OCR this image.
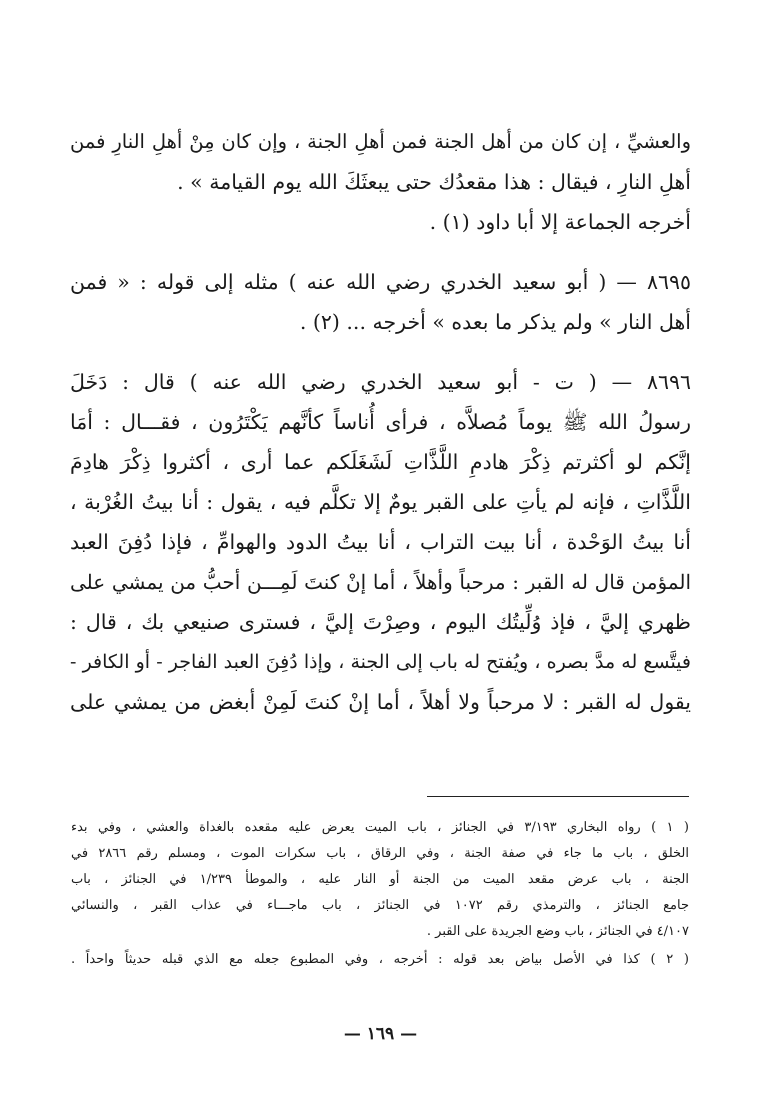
والعشيِّ ، إن كان من أهل الجنة فمن أهلِ الجنة ، وإن كان مِنْ أهلِ النارِ فمن
أهلِ النارِ ، فيقال : هذا مقعدُك حتى يبعثَكَ الله يوم القيامة » .
أخرجه الجماعة إلا أبا داود (١) .
٨٦٩٥ — ( أبو سعيد الخدري رضي الله عنه ) مثله إلى قوله : « فمن
أهل النار » ولم يذكر ما بعده » أخرجه ... (٢) .
٨٦٩٦ — ( ت - أبو سعيد الخدري رضي الله عنه ) قال : دَخَلَ
رسولُ الله ﷺ يوماً مُصلاَّه ، فرأى أُناساً كأنَّهم يَكْتَرُون ، فقـــال : أمَا
إنَّكم لو أكثرتم ذِكْرَ هادمِ اللَّذَّاتِ لَشَغَلَكم عما أرى ، أكثروا ذِكْرَ هادِمَ
اللَّذَّاتِ ، فإنه لم يأتِ على القبر يومٌ إلا تكلَّم فيه ، يقول : أنا بيتُ الغُرْبة ،
أنا بيتُ الوَحْدة ، أنا بيت التراب ، أنا بيتُ الدود والهوامِّ ، فإذا دُفِنَ العبد
المؤمن قال له القبر : مرحباً وأهلاً ، أما إنْ كنتَ لَمِـــن أحبُّ من يمشي على
ظهري إليَّ ، فإذ وُلِّيتُك اليوم ، وصِرْتَ إليَّ ، فسترى صنيعي بك ، قال :
فيتَّسع له مدَّ بصره ، ويُفتح له باب إلى الجنة ، وإذا دُفِنَ العبد الفاجر - أو الكافر -
يقول له القبر : لا مرحباً ولا أهلاً ، أما إنْ كنتَ لَمِنْ أبغض من يمشي على
( ١ ) رواه البخاري ٣/١٩٣ في الجنائز ، باب الميت يعرض عليه مقعده بالغداة والعشي ، وفي بدء
الخلق ، باب ما جاء في صفة الجنة ، وفي الرقاق ، باب سكرات الموت ، ومسلم رقم ٢٨٦٦ في
الجنة ، باب عرض مقعد الميت من الجنة أو النار عليه ، والموطأ ١/٢٣٩ في الجنائز ، باب
جامع الجنائز ، والترمذي رقم ١٠٧٢ في الجنائز ، باب ماجـــاء في عذاب القبر ، والنسائي
٤/١٠٧ في الجنائز ، باب وضع الجريدة على القبر .
( ٢ ) كذا في الأصل بياض بعد قوله : أخرجه ، وفي المطبوع جعله مع الذي قبله حديثاً واحداً .
— ١٦٩ —
